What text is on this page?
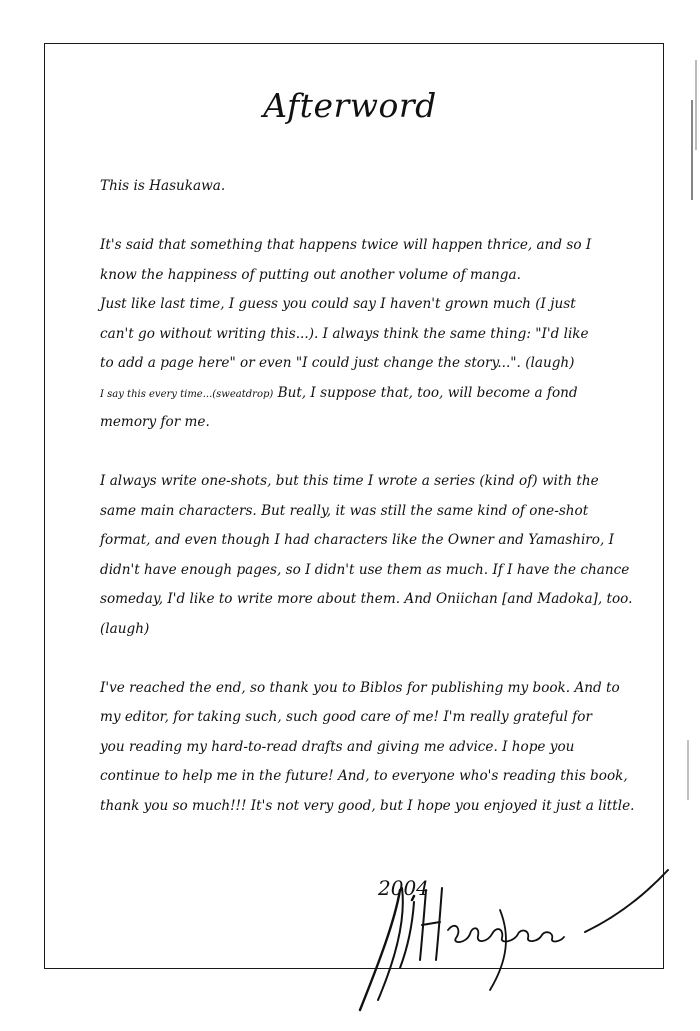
Afterword
This is Hasukawa.
It's said that something that happens twice will happen thrice, and so I
know the happiness of putting out another volume of manga.
Just like last time, I guess you could say I haven't grown much (I just
can't go without writing this...). I always think the same thing: "I'd like
to add a page here" or even "I could just change the story...". (laugh)
I say this every time...(sweatdrop) But, I suppose that, too, will become a fond
memory for me.
I always write one-shots, but this time I wrote a series (kind of) with the
same main characters. But really, it was still the same kind of one-shot
format, and even though I had characters like the Owner and Yamashiro, I
didn't have enough pages, so I didn't use them as much. If I have the chance
someday, I'd like to write more about them. And Oniichan [and Madoka], too.
(laugh)
I've reached the end, so thank you to Biblos for publishing my book. And to
my editor, for taking such, such good care of me! I'm really grateful for
you reading my hard-to-read drafts and giving me advice. I hope you
continue to help me in the future! And, to everyone who's reading this book,
thank you so much!!! It's not very good, but I hope you enjoyed it just a little.
2004
